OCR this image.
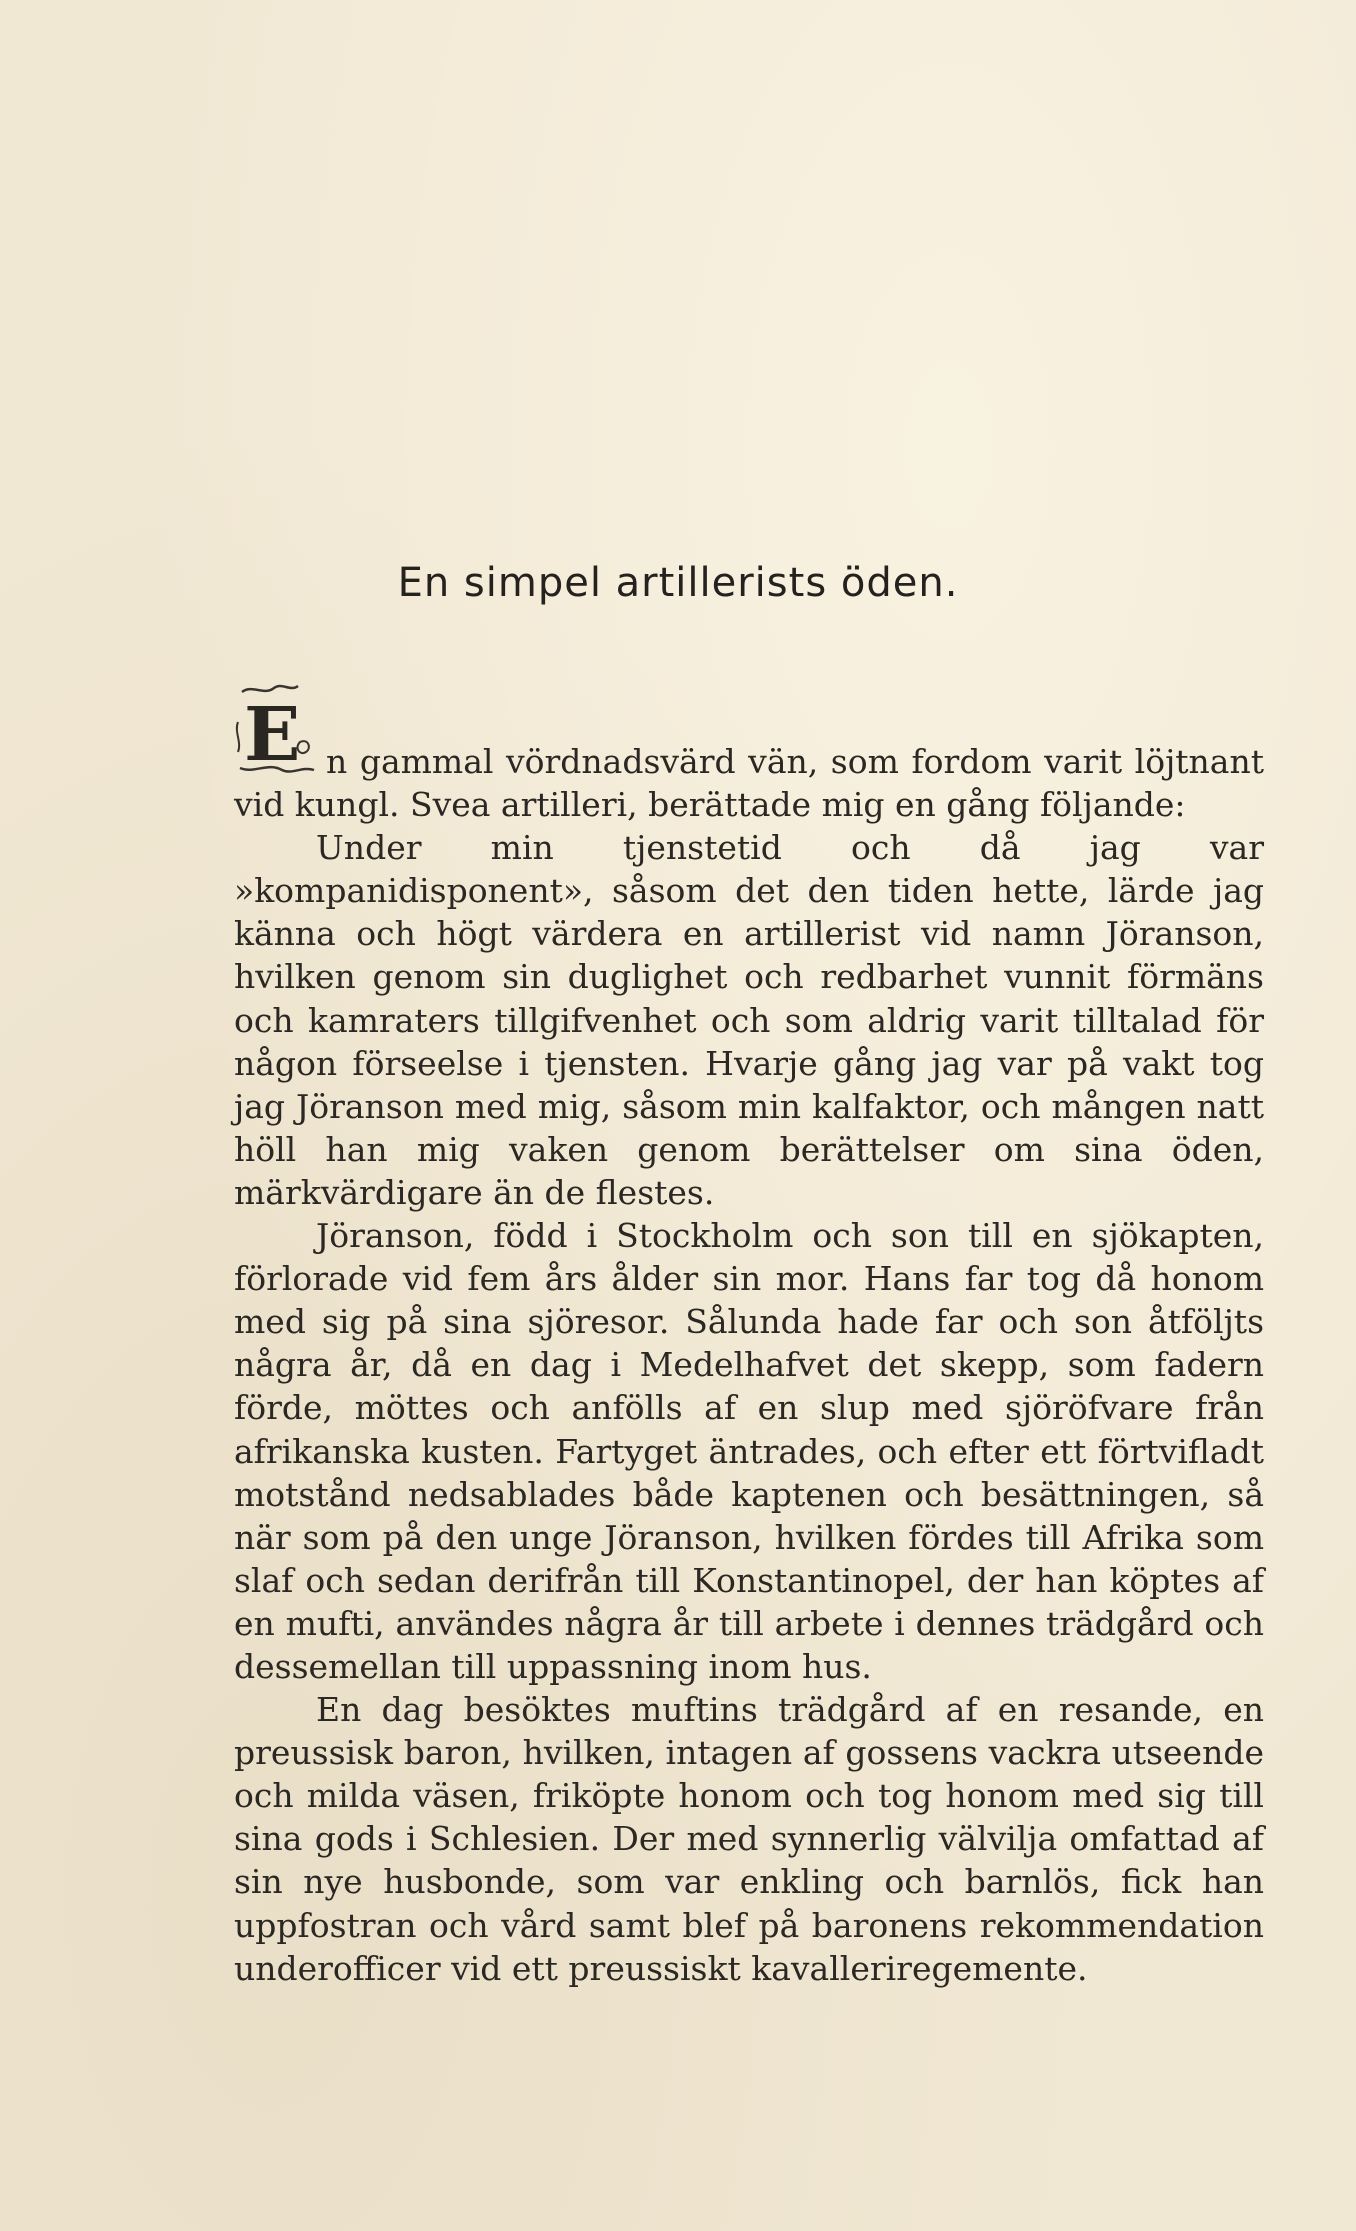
En simpel artillerists öden.

E n gammal vördnadsvärd vän, som fordom varit löjtnant vid kungl. Svea artilleri, berättade mig en gång följande:

Under min tjenstetid och då jag var »kompanidisponent», såsom det den tiden hette, lärde jag känna och högt värdera en artillerist vid namn Jöranson, hvilken genom sin duglighet och redbarhet vunnit förmäns och kamraters tillgifvenhet och som aldrig varit tilltalad för någon förseelse i tjensten. Hvarje gång jag var på vakt tog jag Jöranson med mig, såsom min kalfaktor, och mången natt höll han mig vaken genom berättelser om sina öden, märkvärdigare än de flestes.

Jöranson, född i Stockholm och son till en sjökapten, förlorade vid fem års ålder sin mor. Hans far tog då honom med sig på sina sjöresor. Sålunda hade far och son åtföljts några år, då en dag i Medelhafvet det skepp, som fadern förde, möttes och anfölls af en slup med sjöröfvare från afrikanska kusten. Fartyget äntrades, och efter ett förtvifladt motstånd nedsablades både kaptenen och besättningen, så när som på den unge Jöranson, hvilken fördes till Afrika som slaf och sedan derifrån till Konstantinopel, der han köptes af en mufti, användes några år till arbete i dennes trädgård och dessemellan till uppassning inom hus.

En dag besöktes muftins trädgård af en resande, en preussisk baron, hvilken, intagen af gossens vackra utseende och milda väsen, friköpte honom och tog honom med sig till sina gods i Schlesien. Der med synnerlig välvilja omfattad af sin nye husbonde, som var enkling och barnlös, fick han uppfostran och vård samt blef på baronens rekommendation underofficer vid ett preussiskt kavalleriregemente.
